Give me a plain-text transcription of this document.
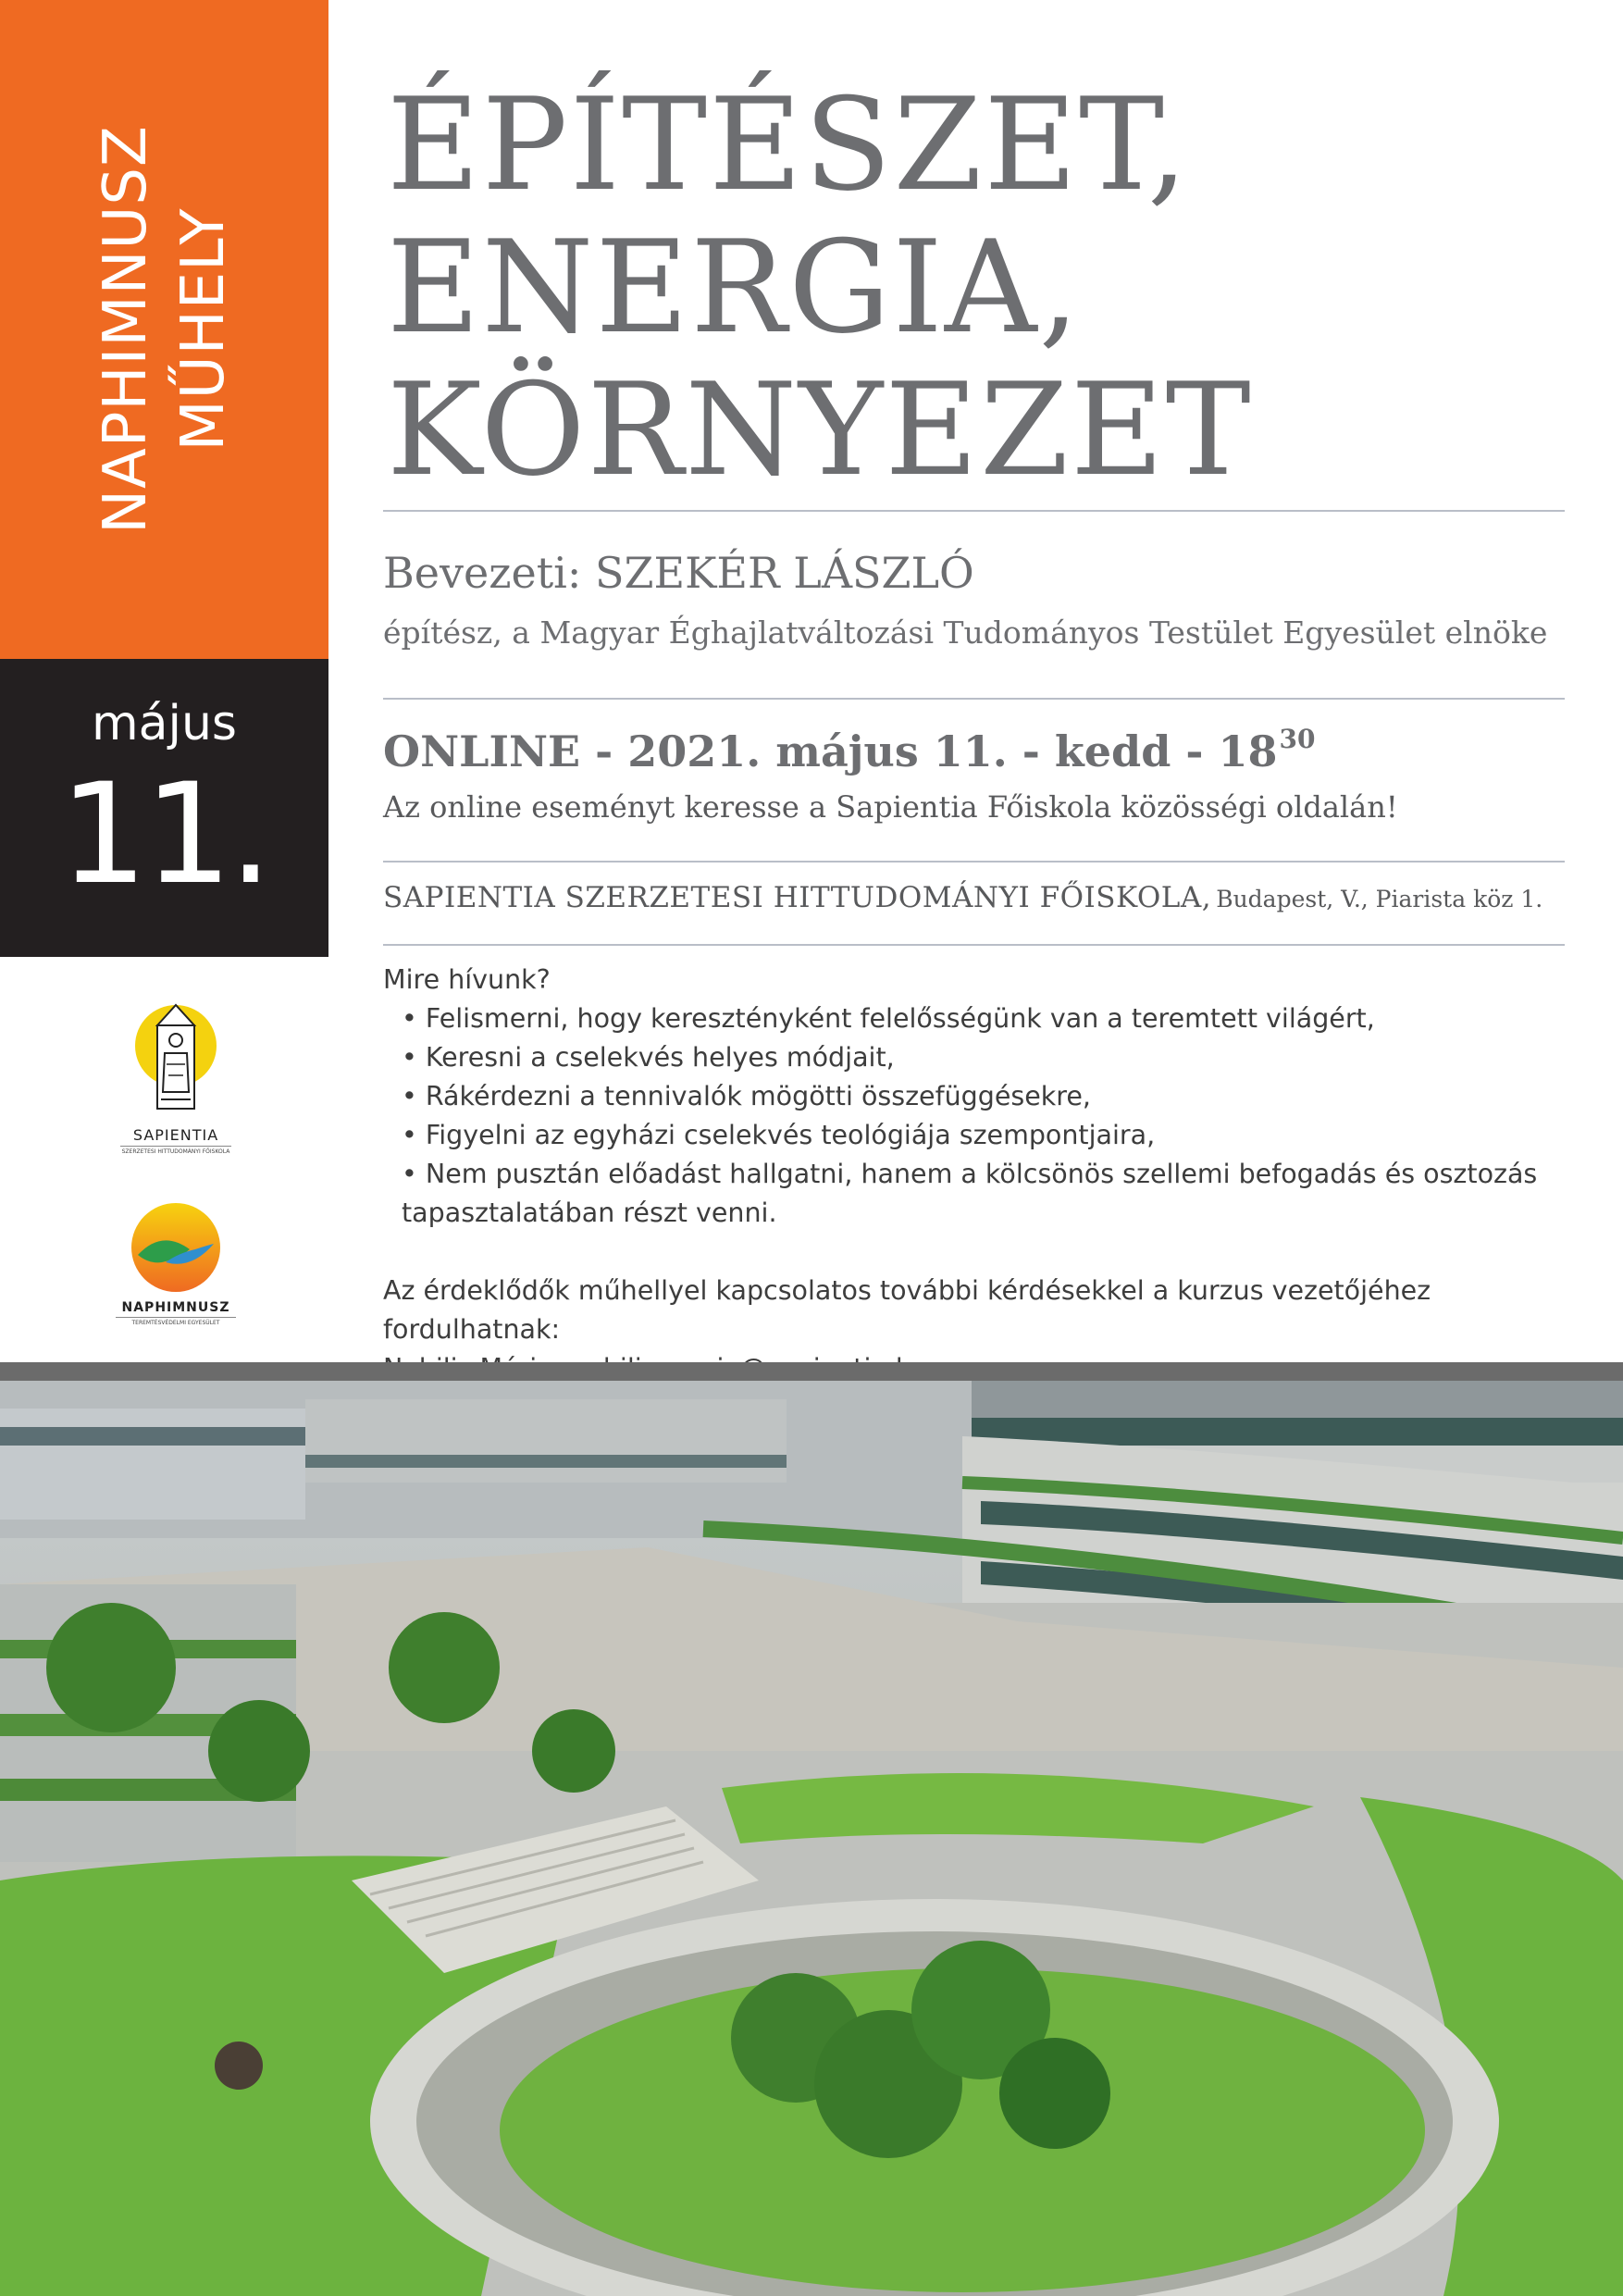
NAPHIMNUSZ MŰHELY
május
11.
SAPIENTIA
SZERZETESI HITTUDOMÁNYI FŐISKOLA
NAPHIMNUSZ
TEREMTÉSVÉDELMI EGYESÜLET
ÉPÍTÉSZET,
ENERGIA,
KÖRNYEZET
Bevezeti: SZEKÉR LÁSZLÓ
építész, a Magyar Éghajlatváltozási Tudományos Testület Egyesület elnöke
ONLINE - 2021. május 11. - kedd - $18^{30}$
Az online eseményt keresse a Sapientia Főiskola közösségi oldalán!
SAPIENTIA SZERZETESI HITTUDOMÁNYI FŐISKOLA, Budapest, V., Piarista köz 1.
Mire hívunk?
• Felismerni, hogy keresztényként felelősségünk van a teremtett világért,
• Keresni a cselekvés helyes módjait,
• Rákérdezni a tennivalók mögötti összefüggésekre,
• Figyelni az egyházi cselekvés teológiája szempontjaira,
• Nem pusztán előadást hallgatni, hanem a kölcsönös szellemi befogadás és osztozás
tapasztalatában részt venni.
Az érdeklődők műhellyel kapcsolatos további kérdésekkel a kurzus vezetőjéhez fordulhatnak:
